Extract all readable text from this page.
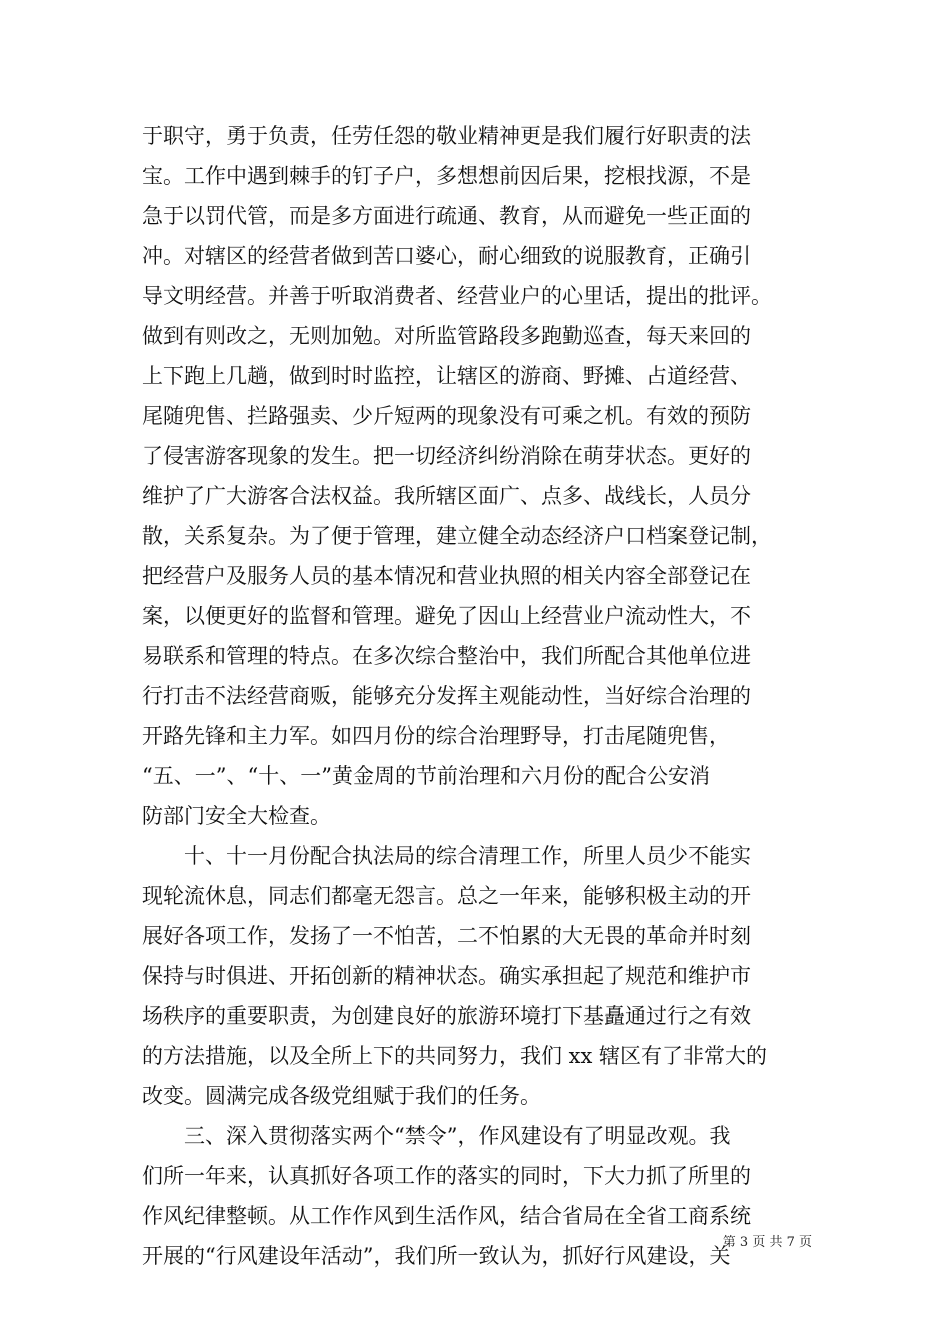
于职守，勇于负责，任劳任怨的敬业精神更是我们履行好职责的法
宝。工作中遇到棘手的钉子户，多想想前因后果，挖根找源，不是
急于以罚代管，而是多方面进行疏通、教育，从而避免一些正面的
冲。对辖区的经营者做到苦口婆心，耐心细致的说服教育，正确引
导文明经营。并善于听取消费者、经营业户的心里话，提出的批评。
做到有则改之，无则加勉。对所监管路段多跑勤巡查，每天来回的
上下跑上几趟，做到时时监控，让辖区的游商、野摊、占道经营、
尾随兜售、拦路强卖、少斤短两的现象没有可乘之机。有效的预防
了侵害游客现象的发生。把一切经济纠纷消除在萌芽状态。更好的
维护了广大游客合法权益。我所辖区面广、点多、战线长，人员分
散，关系复杂。为了便于管理，建立健全动态经济户口档案登记制，
把经营户及服务人员的基本情况和营业执照的相关内容全部登记在
案，以便更好的监督和管理。避免了因山上经营业户流动性大，不
易联系和管理的特点。在多次综合整治中，我们所配合其他单位进
行打击不法经营商贩，能够充分发挥主观能动性，当好综合治理的
开路先锋和主力军。如四月份的综合治理野导，打击尾随兜售，
“五、一”、“十、一”黄金周的节前治理和六月份的配合公安消
防部门安全大检查。
　　十、十一月份配合执法局的综合清理工作，所里人员少不能实
现轮流休息，同志们都毫无怨言。总之一年来，能够积极主动的开
展好各项工作，发扬了一不怕苦，二不怕累的大无畏的革命并时刻
保持与时俱进、开拓创新的精神状态。确实承担起了规范和维护市
场秩序的重要职责，为创建良好的旅游环境打下基矗通过行之有效
的方法措施，以及全所上下的共同努力，我们 xx 辖区有了非常大的
改变。圆满完成各级党组赋于我们的任务。
　　三、深入贯彻落实两个“禁令”，作风建设有了明显改观。我
们所一年来，认真抓好各项工作的落实的同时，下大力抓了所里的
作风纪律整顿。从工作作风到生活作风，结合省局在全省工商系统
开展的“行风建设年活动”，我们所一致认为，抓好行风建设，关
第 3 页 共 7 页
